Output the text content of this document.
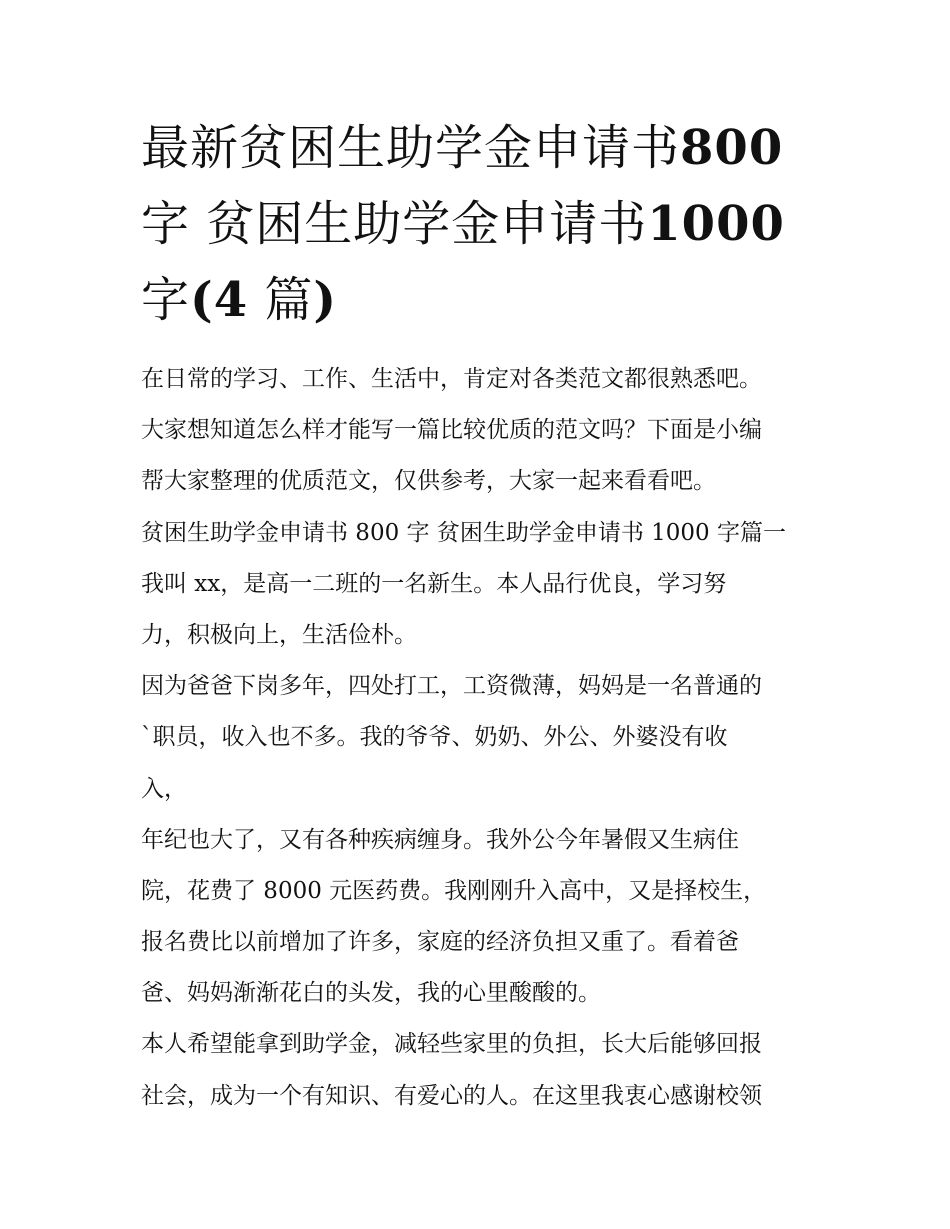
最新贫困生助学金申请书800
字 贫困生助学金申请书1000
字(4 篇)
在日常的学习、工作、生活中，肯定对各类范文都很熟悉吧。
大家想知道怎么样才能写一篇比较优质的范文吗？下面是小编
帮大家整理的优质范文，仅供参考，大家一起来看看吧。
贫困生助学金申请书 800 字 贫困生助学金申请书 1000 字篇一
我叫 xx，是高一二班的一名新生。本人品行优良，学习努
力，积极向上，生活俭朴。
因为爸爸下岗多年，四处打工，工资微薄，妈妈是一名普通的
`职员，收入也不多。我的爷爷、奶奶、外公、外婆没有收
入，
年纪也大了，又有各种疾病缠身。我外公今年暑假又生病住
院，花费了 8000 元医药费。我刚刚升入高中，又是择校生，
报名费比以前增加了许多，家庭的经济负担又重了。看着爸
爸、妈妈渐渐花白的头发，我的心里酸酸的。
本人希望能拿到助学金，减轻些家里的负担，长大后能够回报
社会，成为一个有知识、有爱心的人。在这里我衷心感谢校领
